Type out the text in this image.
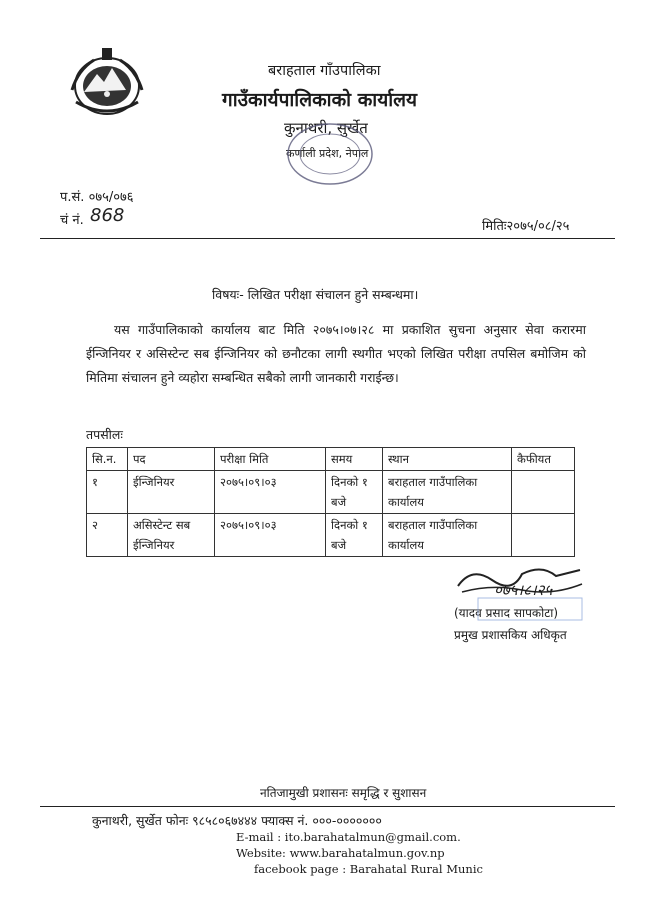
बराहताल गाँउपालिका
गाउँकार्यपालिकाको कार्यालय
कुनाथरी, सुर्खेत
कर्णाली प्रदेश, नेपाल
प.सं. ०७५/०७६
चं नं. 868
मितिः२०७५/०८/२५
विषयः- लिखित परीक्षा संचालन हुने सम्बन्धमा।
यस गाउँपालिकाको कार्यालय बाट मिति २०७५।०७।२८ मा प्रकाशित सुचना अनुसार सेवा करारमा ईन्जिनियर र असिस्टेन्ट सब ईन्जिनियर को छनौटका लागी स्थगीत भएको लिखित परीक्षा तपसिल बमोजिम को मितिमा संचालन हुने व्यहोरा सम्बन्धित सबैको लागी जानकारी गराईन्छ।
तपसीलः
सि.न.	पद	परीक्षा मिति	समय	स्थान	कैफीयत
१	ईन्जिनियर	२०७५।०९।०३	दिनको १ बजे	बराहताल गाउँपालिका कार्यालय	
२	असिस्टेन्ट सब ईन्जिनियर	२०७५।०९।०३	दिनको १ बजे	बराहताल गाउँपालिका कार्यालय	
०७५।८।२५
(यादव प्रसाद सापकोटा)
प्रमुख प्रशासकिय अधिकृत
नतिजामुखी प्रशासनः समृद्धि र सुशासन
कुनाथरी, सुर्खेत फोनः ९८५८०६७४४४ फ्याक्स नं. ०००-०००००००
E-mail : ito.barahatalmun@gmail.com.
Website: www.barahatalmun.gov.np
facebook page : Barahatal Rural Munic
